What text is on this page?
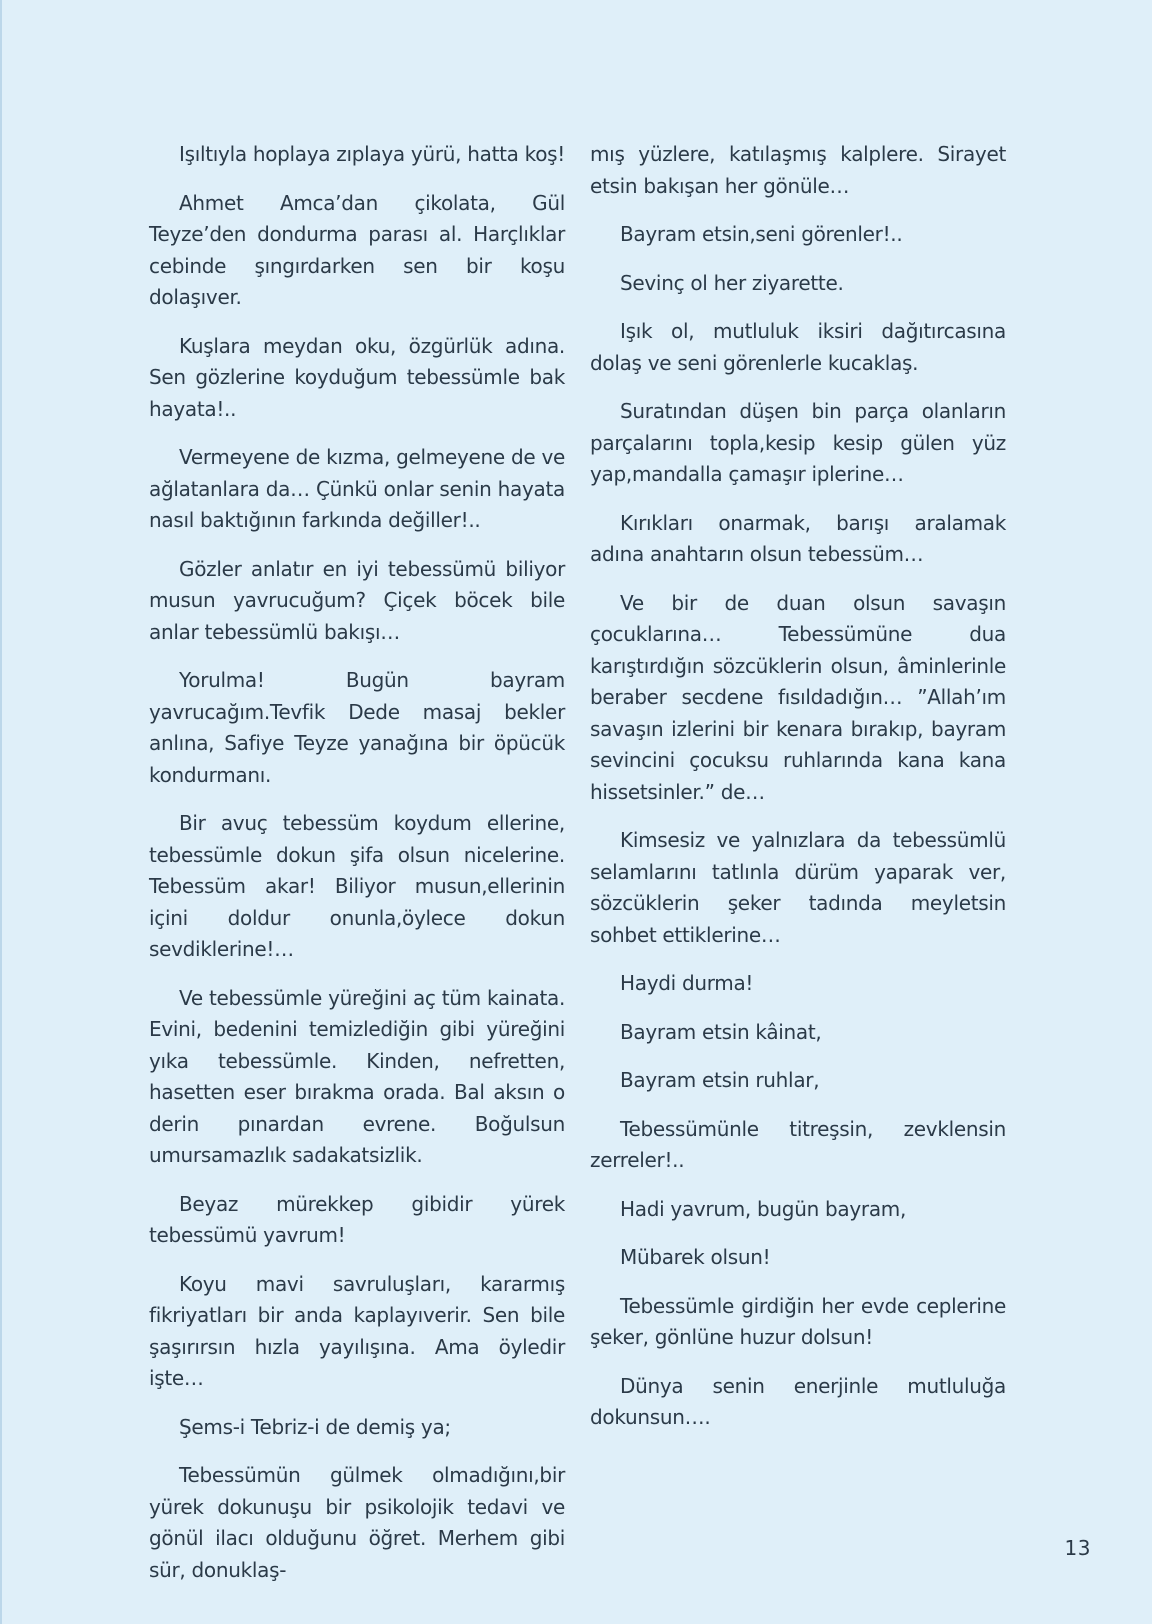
Işıltıyla hoplaya zıplaya yürü, hatta koş!

Ahmet Amca’dan çikolata, Gül Teyze’den dondurma parası al. Harçlıklar cebinde şıngırdarken sen bir koşu dolaşıver.

Kuşlara meydan oku, özgürlük adına. Sen gözlerine koyduğum tebessümle bak hayata!..

Vermeyene de kızma, gelmeyene de ve ağlatanlara da… Çünkü onlar senin hayata nasıl baktığının farkında değiller!..

Gözler anlatır en iyi tebessümü biliyor musun yavrucuğum? Çiçek böcek bile anlar tebessümlü bakışı…

Yorulma! Bugün bayram yavrucağım.Tevfik Dede masaj bekler anlına, Safiye Teyze yanağına bir öpücük kondurmanı.

Bir avuç tebessüm koydum ellerine, tebessümle dokun şifa olsun nicelerine. Tebessüm akar! Biliyor musun,ellerinin içini doldur onunla,öylece dokun sevdiklerine!…

Ve tebessümle yüreğini aç tüm kainata. Evini, bedenini temizlediğin gibi yüreğini yıka tebessümle. Kinden, nefretten, hasetten eser bırakma orada. Bal aksın o derin pınardan evrene. Boğulsun umursamazlık sadakatsizlik.

Beyaz mürekkep gibidir yürek tebessümü yavrum!

Koyu mavi savruluşları, kararmış fikriyatları bir anda kaplayıverir. Sen bile şaşırırsın hızla yayılışına. Ama öyledir işte…

Şems-i Tebriz-i de demiş ya;

Tebessümün gülmek olmadığını,bir yürek dokunuşu bir psikolojik tedavi ve gönül ilacı olduğunu öğret. Merhem gibi sür, donuklaş-

mış yüzlere, katılaşmış kalplere. Sirayet etsin bakışan her gönüle…

Bayram etsin,seni görenler!..

Sevinç ol her ziyarette.

Işık ol, mutluluk iksiri dağıtırcasına dolaş ve seni görenlerle kucaklaş.

Suratından düşen bin parça olanların parçalarını topla,kesip kesip gülen yüz yap,mandalla çamaşır iplerine…

Kırıkları onarmak, barışı aralamak adına anahtarın olsun tebessüm…

Ve bir de duan olsun savaşın çocuklarına… Tebessümüne dua karıştırdığın sözcüklerin olsun, âminlerinle beraber secdene fısıldadığın… ”Allah’ım savaşın izlerini bir kenara bırakıp, bayram sevincini çocuksu ruhlarında kana kana hissetsinler.” de…

Kimsesiz ve yalnızlara da tebessümlü selamlarını tatlınla dürüm yaparak ver, sözcüklerin şeker tadında meyletsin sohbet ettiklerine…

Haydi durma!

Bayram etsin kâinat,

Bayram etsin ruhlar,

Tebessümünle titreşsin, zevklensin zerreler!..

Hadi yavrum, bugün bayram,

Mübarek olsun!

Tebessümle girdiğin her evde ceplerine şeker, gönlüne huzur dolsun!

Dünya senin enerjinle mutluluğa dokunsun….

13
